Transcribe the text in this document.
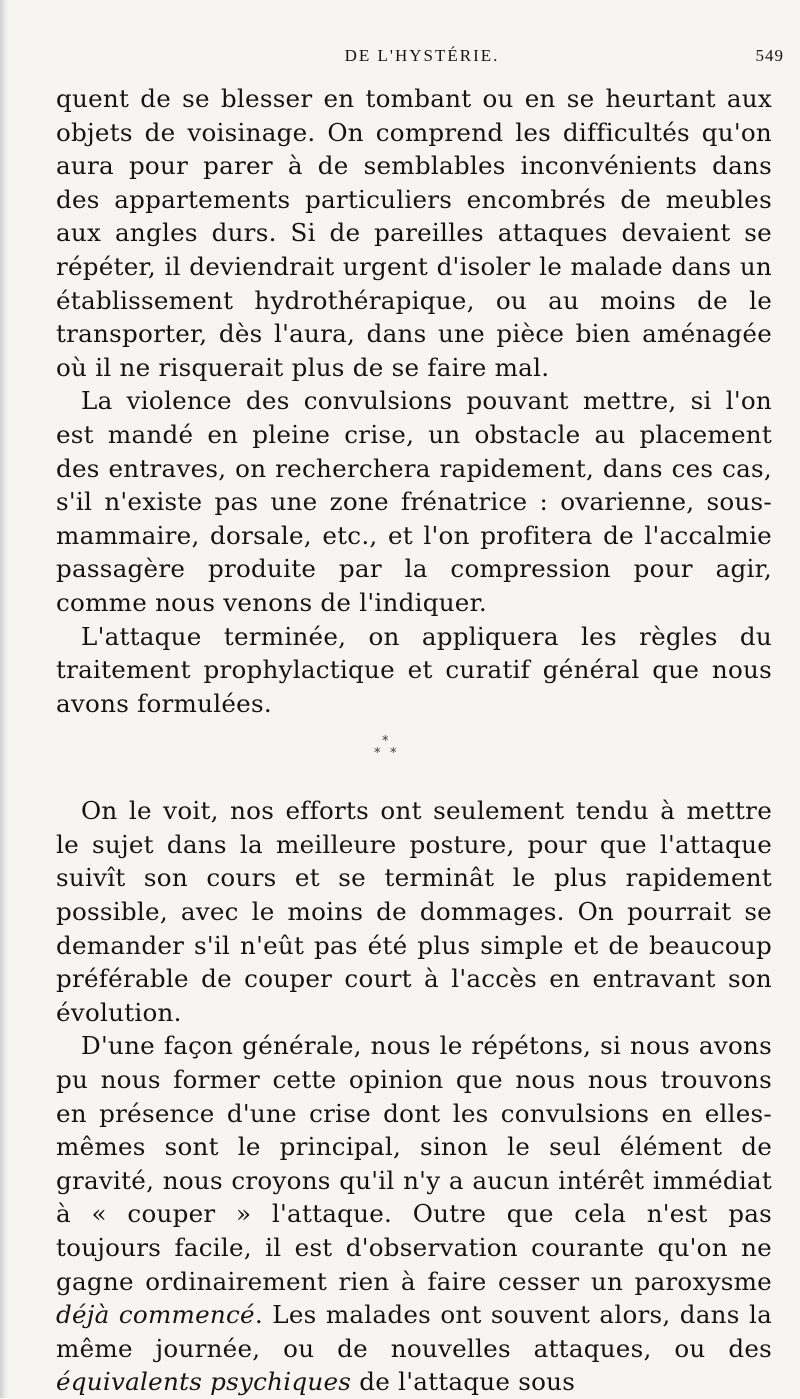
DE L'HYSTÉRIE.	549

quent de se blesser en tombant ou en se heurtant aux objets de voisinage. On comprend les difficultés qu'on aura pour parer à de semblables inconvénients dans des appartements particuliers encombrés de meubles aux angles durs. Si de pareilles attaques devaient se répéter, il deviendrait urgent d'isoler le malade dans un établissement hydrothérapique, ou au moins de le transporter, dès l'aura, dans une pièce bien aménagée où il ne risquerait plus de se faire mal.

La violence des convulsions pouvant mettre, si l'on est mandé en pleine crise, un obstacle au placement des entraves, on recherchera rapidement, dans ces cas, s'il n'existe pas une zone frénatrice : ovarienne, sous-mammaire, dorsale, etc., et l'on profitera de l'accalmie passagère produite par la compression pour agir, comme nous venons de l'indiquer.

L'attaque terminée, on appliquera les règles du traitement prophylactique et curatif général que nous avons formulées.

*
* *

On le voit, nos efforts ont seulement tendu à mettre le sujet dans la meilleure posture, pour que l'attaque suivît son cours et se terminât le plus rapidement possible, avec le moins de dommages. On pourrait se demander s'il n'eût pas été plus simple et de beaucoup préférable de couper court à l'accès en entravant son évolution.

D'une façon générale, nous le répétons, si nous avons pu nous former cette opinion que nous nous trouvons en présence d'une crise dont les convulsions en elles-mêmes sont le principal, sinon le seul élément de gravité, nous croyons qu'il n'y a aucun intérêt immédiat à « couper » l'attaque. Outre que cela n'est pas toujours facile, il est d'observation courante qu'on ne gagne ordinairement rien à faire cesser un paroxysme déjà commencé. Les malades ont souvent alors, dans la même journée, ou de nouvelles attaques, ou des équivalents psychiques de l'attaque sous
